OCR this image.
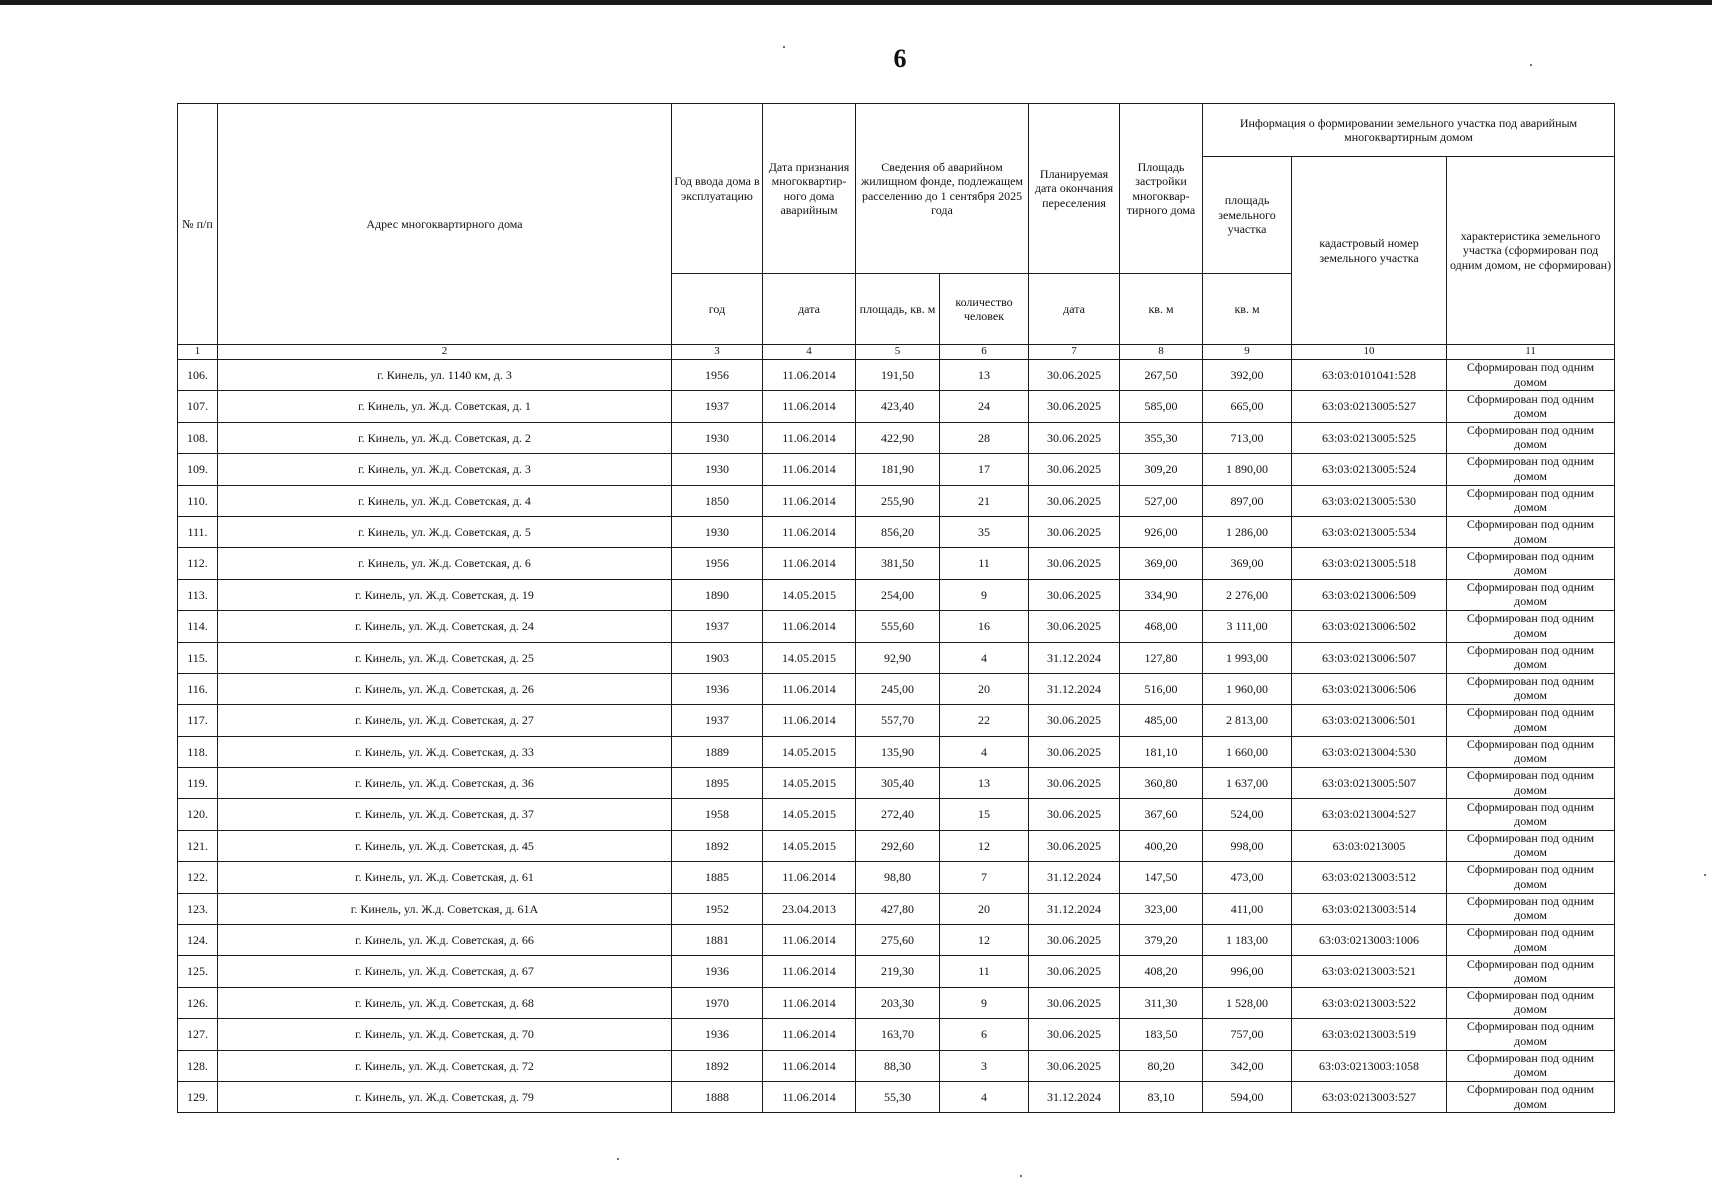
6
№ п/п	Адрес многоквартирного дома	Год ввода дома в эксплуатацию	Дата признания многоквартир-ного дома аварийным	Сведения об аварийном жилищном фонде, подлежащем расселению до 1 сентября 2025 года		Планируемая дата окончания переселения	Площадь застройки многоквар-тирного дома	Информация о формировании земельного участка под аварийным многоквартирным домом		
								площадь земельного участка	кадастровый номер земельного участка	характеристика земельного участка (сформирован под одним домом, не сформирован)
		год	дата	площадь, кв. м	количество человек	дата	кв. м	кв. м		
1	2	3	4	5	6	7	8	9	10	11
106.	г. Кинель, ул. 1140 км, д. 3	1956	11.06.2014	191,50	13	30.06.2025	267,50	392,00	63:03:0101041:528	Сформирован под одним домом

107.	г. Кинель, ул. Ж.д. Советская, д. 1	1937	11.06.2014	423,40	24	30.06.2025	585,00	665,00	63:03:0213005:527	Сформирован под одним домом

108.	г. Кинель, ул. Ж.д. Советская, д. 2	1930	11.06.2014	422,90	28	30.06.2025	355,30	713,00	63:03:0213005:525	Сформирован под одним домом

109.	г. Кинель, ул. Ж.д. Советская, д. 3	1930	11.06.2014	181,90	17	30.06.2025	309,20	1 890,00	63:03:0213005:524	Сформирован под одним домом

110.	г. Кинель, ул. Ж.д. Советская, д. 4	1850	11.06.2014	255,90	21	30.06.2025	527,00	897,00	63:03:0213005:530	Сформирован под одним домом

111.	г. Кинель, ул. Ж.д. Советская, д. 5	1930	11.06.2014	856,20	35	30.06.2025	926,00	1 286,00	63:03:0213005:534	Сформирован под одним домом

112.	г. Кинель, ул. Ж.д. Советская, д. 6	1956	11.06.2014	381,50	11	30.06.2025	369,00	369,00	63:03:0213005:518	Сформирован под одним домом

113.	г. Кинель, ул. Ж.д. Советская, д. 19	1890	14.05.2015	254,00	9	30.06.2025	334,90	2 276,00	63:03:0213006:509	Сформирован под одним домом

114.	г. Кинель, ул. Ж.д. Советская, д. 24	1937	11.06.2014	555,60	16	30.06.2025	468,00	3 111,00	63:03:0213006:502	Сформирован под одним домом

115.	г. Кинель, ул. Ж.д. Советская, д. 25	1903	14.05.2015	92,90	4	31.12.2024	127,80	1 993,00	63:03:0213006:507	Сформирован под одним домом

116.	г. Кинель, ул. Ж.д. Советская, д. 26	1936	11.06.2014	245,00	20	31.12.2024	516,00	1 960,00	63:03:0213006:506	Сформирован под одним домом

117.	г. Кинель, ул. Ж.д. Советская, д. 27	1937	11.06.2014	557,70	22	30.06.2025	485,00	2 813,00	63:03:0213006:501	Сформирован под одним домом

118.	г. Кинель, ул. Ж.д. Советская, д. 33	1889	14.05.2015	135,90	4	30.06.2025	181,10	1 660,00	63:03:0213004:530	Сформирован под одним домом

119.	г. Кинель, ул. Ж.д. Советская, д. 36	1895	14.05.2015	305,40	13	30.06.2025	360,80	1 637,00	63:03:0213005:507	Сформирован под одним домом

120.	г. Кинель, ул. Ж.д. Советская, д. 37	1958	14.05.2015	272,40	15	30.06.2025	367,60	524,00	63:03:0213004:527	Сформирован под одним домом

121.	г. Кинель, ул. Ж.д. Советская, д. 45	1892	14.05.2015	292,60	12	30.06.2025	400,20	998,00	63:03:0213005	Сформирован под одним домом

122.	г. Кинель, ул. Ж.д. Советская, д. 61	1885	11.06.2014	98,80	7	31.12.2024	147,50	473,00	63:03:0213003:512	Сформирован под одним домом

123.	г. Кинель, ул. Ж.д. Советская, д. 61А	1952	23.04.2013	427,80	20	31.12.2024	323,00	411,00	63:03:0213003:514	Сформирован под одним домом

124.	г. Кинель, ул. Ж.д. Советская, д. 66	1881	11.06.2014	275,60	12	30.06.2025	379,20	1 183,00	63:03:0213003:1006	Сформирован под одним домом

125.	г. Кинель, ул. Ж.д. Советская, д. 67	1936	11.06.2014	219,30	11	30.06.2025	408,20	996,00	63:03:0213003:521	Сформирован под одним домом

126.	г. Кинель, ул. Ж.д. Советская, д. 68	1970	11.06.2014	203,30	9	30.06.2025	311,30	1 528,00	63:03:0213003:522	Сформирован под одним домом

127.	г. Кинель, ул. Ж.д. Советская, д. 70	1936	11.06.2014	163,70	6	30.06.2025	183,50	757,00	63:03:0213003:519	Сформирован под одним домом

128.	г. Кинель, ул. Ж.д. Советская, д. 72	1892	11.06.2014	88,30	3	30.06.2025	80,20	342,00	63:03:0213003:1058	Сформирован под одним домом

129.	г. Кинель, ул. Ж.д. Советская, д. 79	1888	11.06.2014	55,30	4	31.12.2024	83,10	594,00	63:03:0213003:527	Сформирован под одним домом
